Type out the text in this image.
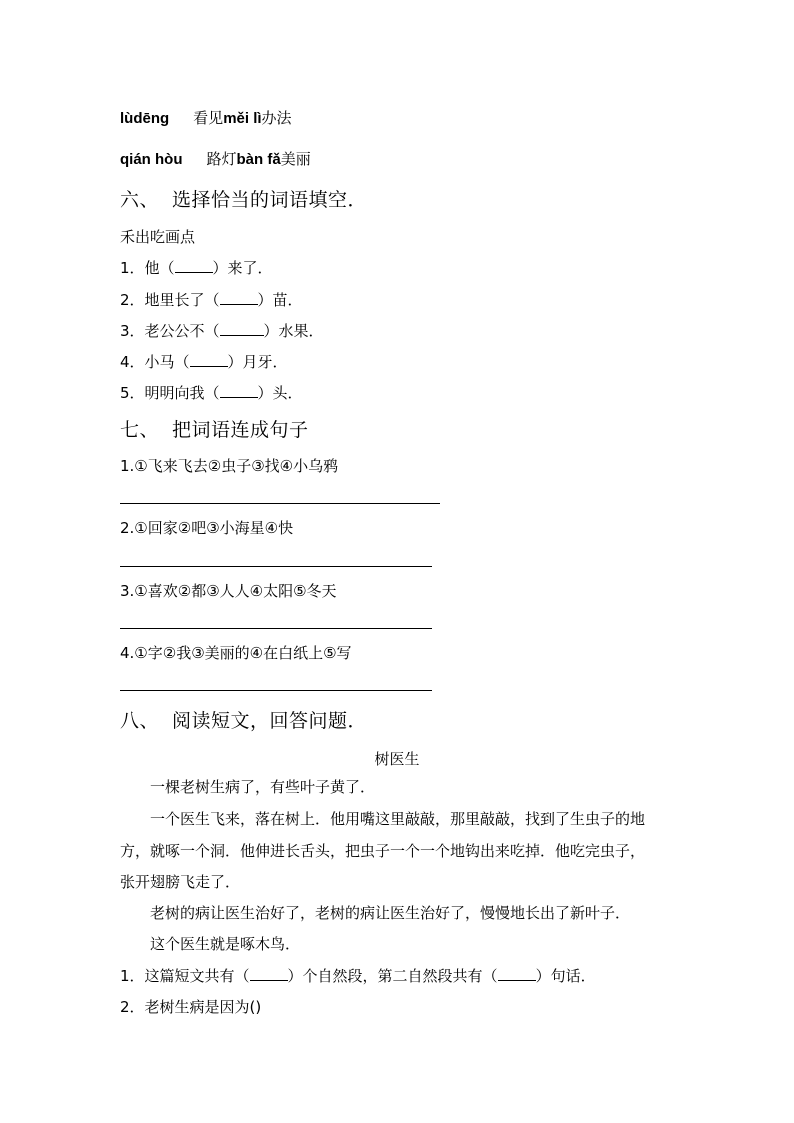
lùdēng 看见měi lì办法
qián hòu 路灯bàn fǎ美丽
六、 选择恰当的词语填空．
禾出吃画点
1．他（	）来了．
2．地里长了（	）苗．
3．老公公不（	）水果．
4．小马（	）月牙．
5．明明向我（	）头．
七、 把词语连成句子
1.①飞来飞去②虫子③找④小乌鸦
2.①回家②吧③小海星④快
3.①喜欢②都③人人④太阳⑤冬天
4.①字②我③美丽的④在白纸上⑤写
八、 阅读短文，回答问题．
树医生
　　一棵老树生病了，有些叶子黄了．
　　一个医生飞来，落在树上．他用嘴这里敲敲，那里敲敲，找到了生虫子的地
方，就啄一个洞．他伸进长舌头，把虫子一个一个地钩出来吃掉．他吃完虫子，
张开翅膀飞走了．
　　老树的病让医生治好了，老树的病让医生治好了，慢慢地长出了新叶子．
　　这个医生就是啄木鸟．
1．这篇短文共有（	）个自然段，第二自然段共有（	）句话．
2．老树生病是因为()
